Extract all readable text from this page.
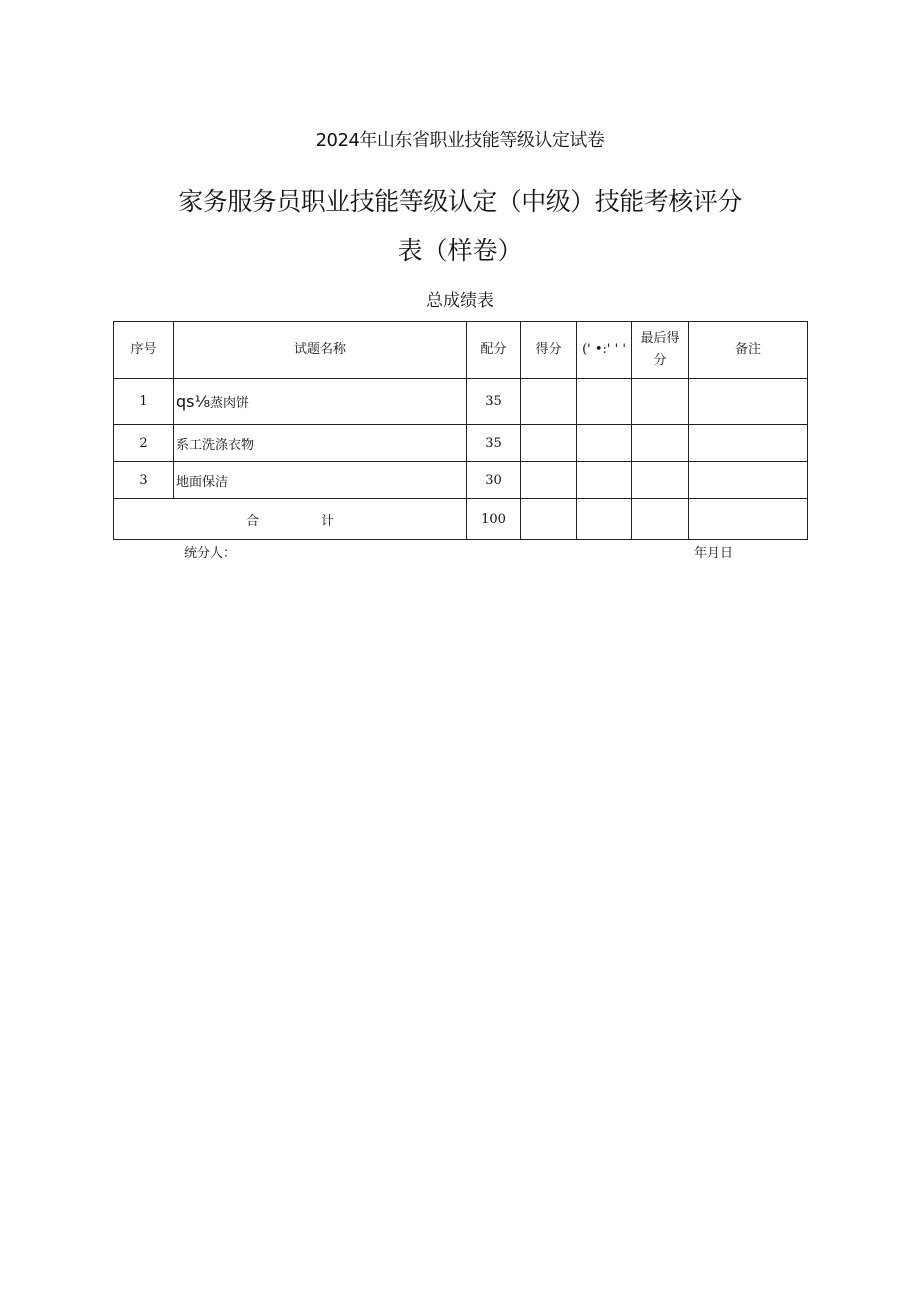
2024年山东省职业技能等级认定试卷
家务服务员职业技能等级认定（中级）技能考核评分
表（样卷）
总成绩表
序号	试题名称	配分	得分	(' •:' ' '	最后得分	备注
1	qs⅛蒸肉饼	35				
2	系工洗涤衣物	35				
3	地面保洁	30				
合 计		100				
统分人：	年月日
